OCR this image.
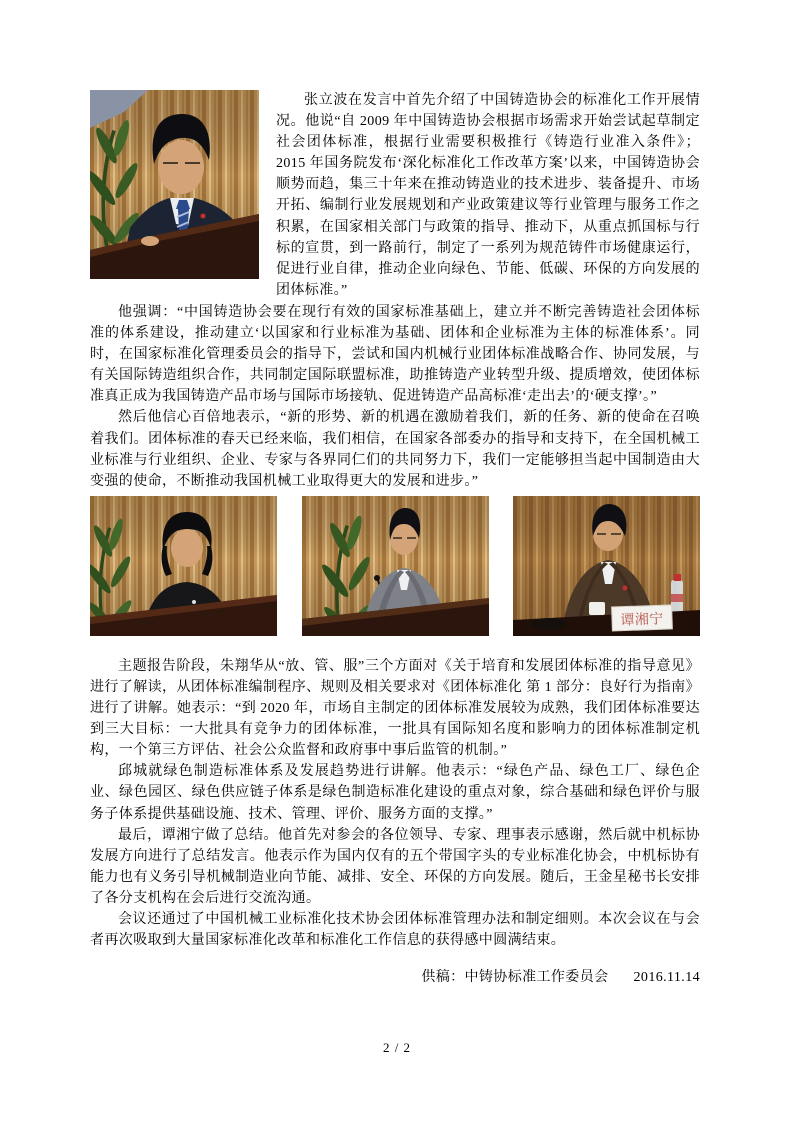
张立波在发言中首先介绍了中国铸造协会的标准化工作开展情况。他说“自 2009 年中国铸造协会根据市场需求开始尝试起草制定社会团体标准，根据行业需要积极推行《铸造行业准入条件》；2015 年国务院发布‘深化标准化工作改革方案’以来，中国铸造协会顺势而趋，集三十年来在推动铸造业的技术进步、装备提升、市场开拓、编制行业发展规划和产业政策建议等行业管理与服务工作之积累，在国家相关部门与政策的指导、推动下，从重点抓国标与行标的宣贯，到一路前行，制定了一系列为规范铸件市场健康运行，促进行业自律，推动企业向绿色、节能、低碳、环保的方向发展的团体标准。”

他强调：“中国铸造协会要在现行有效的国家标准基础上，建立并不断完善铸造社会团体标准的体系建设，推动建立‘以国家和行业标准为基础、团体和企业标准为主体的标准体系’。同时，在国家标准化管理委员会的指导下，尝试和国内机械行业团体标准战略合作、协同发展，与有关国际铸造组织合作，共同制定国际联盟标准，助推铸造产业转型升级、提质增效，使团体标准真正成为我国铸造产品市场与国际市场接轨、促进铸造产品高标准‘走出去’的‘硬支撑’。”

然后他信心百倍地表示，“新的形势、新的机遇在激励着我们，新的任务、新的使命在召唤着我们。团体标准的春天已经来临，我们相信，在国家各部委办的指导和支持下，在全国机械工业标准与行业组织、企业、专家与各界同仁们的共同努力下，我们一定能够担当起中国制造由大变强的使命，不断推动我国机械工业取得更大的发展和进步。”

谭湘宁

主题报告阶段，朱翔华从“放、管、服”三个方面对《关于培育和发展团体标准的指导意见》进行了解读，从团体标准编制程序、规则及相关要求对《团体标准化 第 1 部分：良好行为指南》进行了讲解。她表示：“到 2020 年，市场自主制定的团体标准发展较为成熟，我们团体标准要达到三大目标：一大批具有竞争力的团体标准，一批具有国际知名度和影响力的团体标准制定机构，一个第三方评估、社会公众监督和政府事中事后监管的机制。”

邱城就绿色制造标准体系及发展趋势进行讲解。他表示：“绿色产品、绿色工厂、绿色企业、绿色园区、绿色供应链子体系是绿色制造标准化建设的重点对象，综合基础和绿色评价与服务子体系提供基础设施、技术、管理、评价、服务方面的支撑。”

最后，谭湘宁做了总结。他首先对参会的各位领导、专家、理事表示感谢，然后就中机标协发展方向进行了总结发言。他表示作为国内仅有的五个带国字头的专业标准化协会，中机标协有能力也有义务引导机械制造业向节能、减排、安全、环保的方向发展。随后，王金星秘书长安排了各分支机构在会后进行交流沟通。

会议还通过了中国机械工业标准化技术协会团体标准管理办法和制定细则。本次会议在与会者再次吸取到大量国家标准化改革和标准化工作信息的获得感中圆满结束。

供稿：中铸协标准工作委员会 2016.11.14

2 / 2
